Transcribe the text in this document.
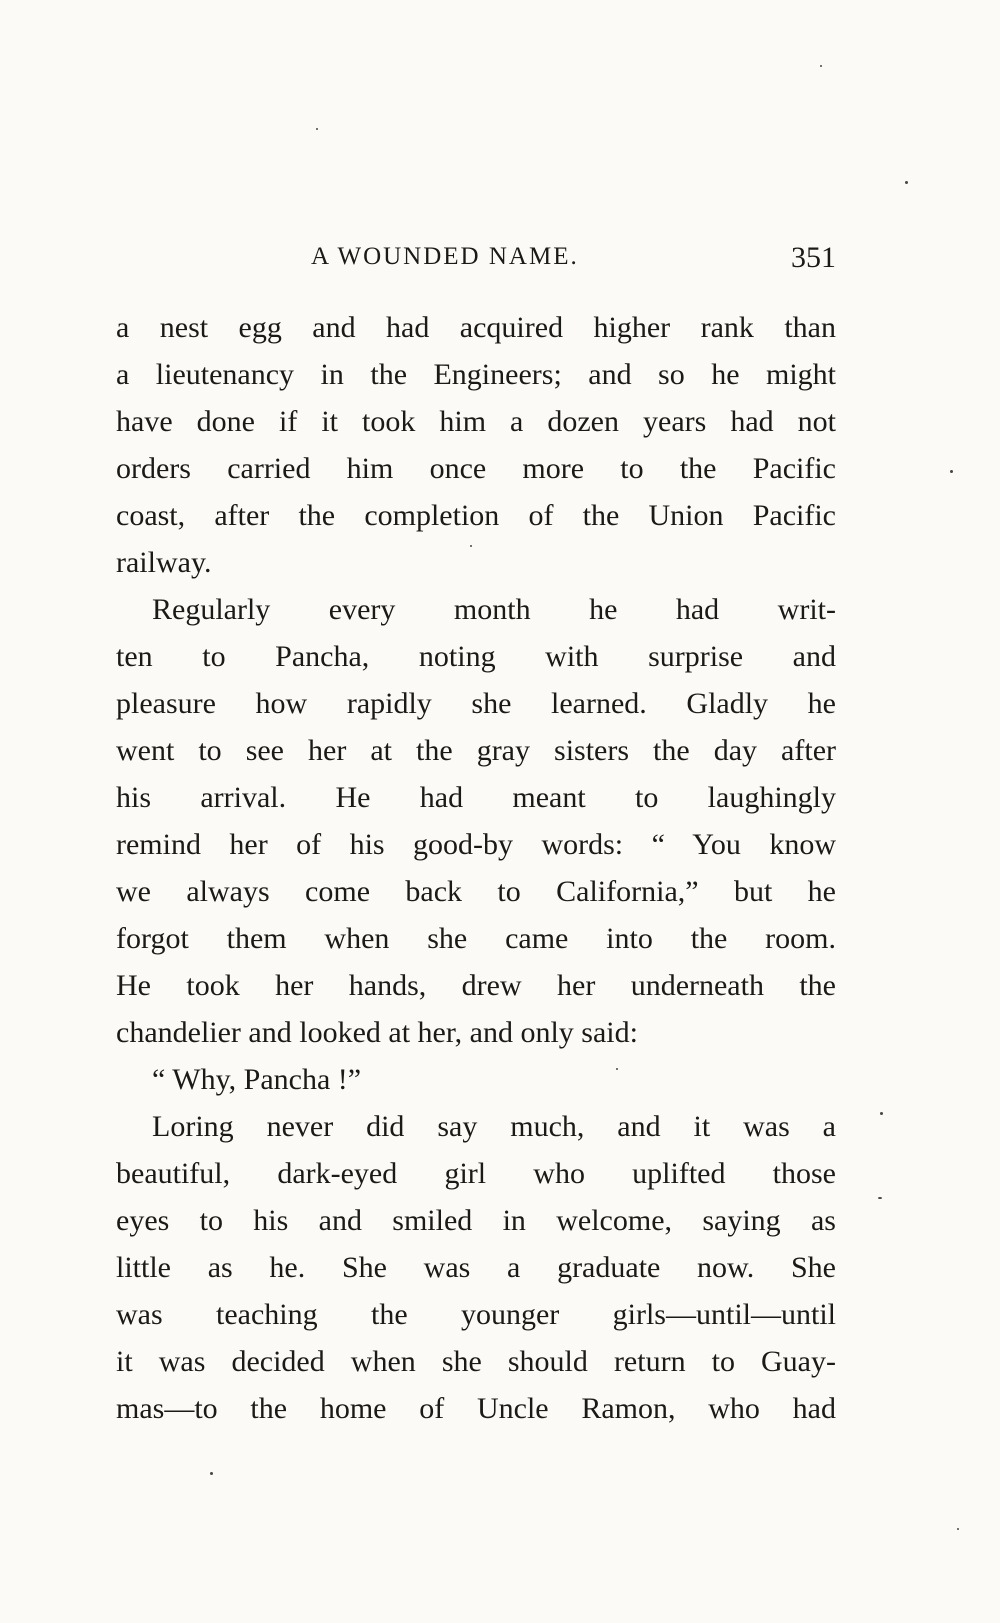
A WOUNDED NAME.	351
a nest egg and had acquired higher rank than
a lieutenancy in the Engineers; and so he might
have done if it took him a dozen years had not
orders carried him once more to the Pacific
coast, after the completion of the Union Pacific
railway.
Regularly every month he had writ-
ten to Pancha, noting with surprise and
pleasure how rapidly she learned. Gladly he
went to see her at the gray sisters the day after
his arrival. He had meant to laughingly
remind her of his good-by words: “ You know
we always come back to California,” but he
forgot them when she came into the room.
He took her hands, drew her underneath the
chandelier and looked at her, and only said:
“ Why, Pancha !”
Loring never did say much, and it was a
beautiful, dark-eyed girl who uplifted those
eyes to his and smiled in welcome, saying as
little as he. She was a graduate now. She
was teaching the younger girls—until—until
it was decided when she should return to Guay-
mas—to the home of Uncle Ramon, who had
